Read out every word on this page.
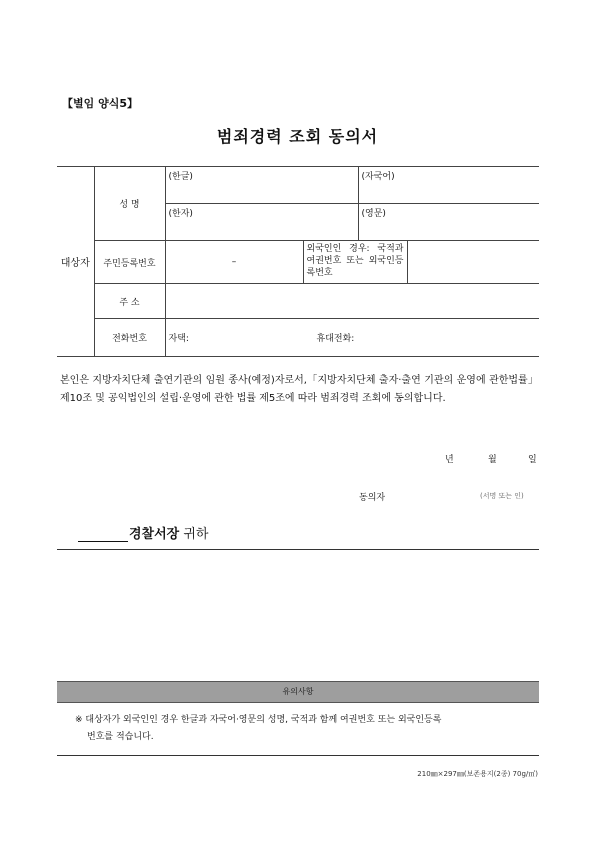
【별임 양식5】
범죄경력 조회 동의서
대상자	성 명	(한글)		(자국어)
		(한자)		(영문)
	주민등록번호	–	외국인인 경우: 국적과 여권번호 또는 외국인등록번호	

	주 소			
	전화번호	자택: 휴대전화:		
본인은 지방자치단체 출연기관의 임원 종사(예정)자로서,「지방자치단체 출자·출연 기관의 운영에 관한법률」 제10조 및 공익법인의 설립·운영에 관한 법률 제5조에 따라 범죄경력 조회에 동의합니다.
년	월	일
동의자	(서명 또는 인)
경찰서장 귀하
유의사항
※ 대상자가 외국인인 경우 한글과 자국어·영문의 성명, 국적과 함께 여권번호 또는 외국인등록
번호를 적습니다.
210㎜×297㎜(보존용지(2종) 70g/㎡)
